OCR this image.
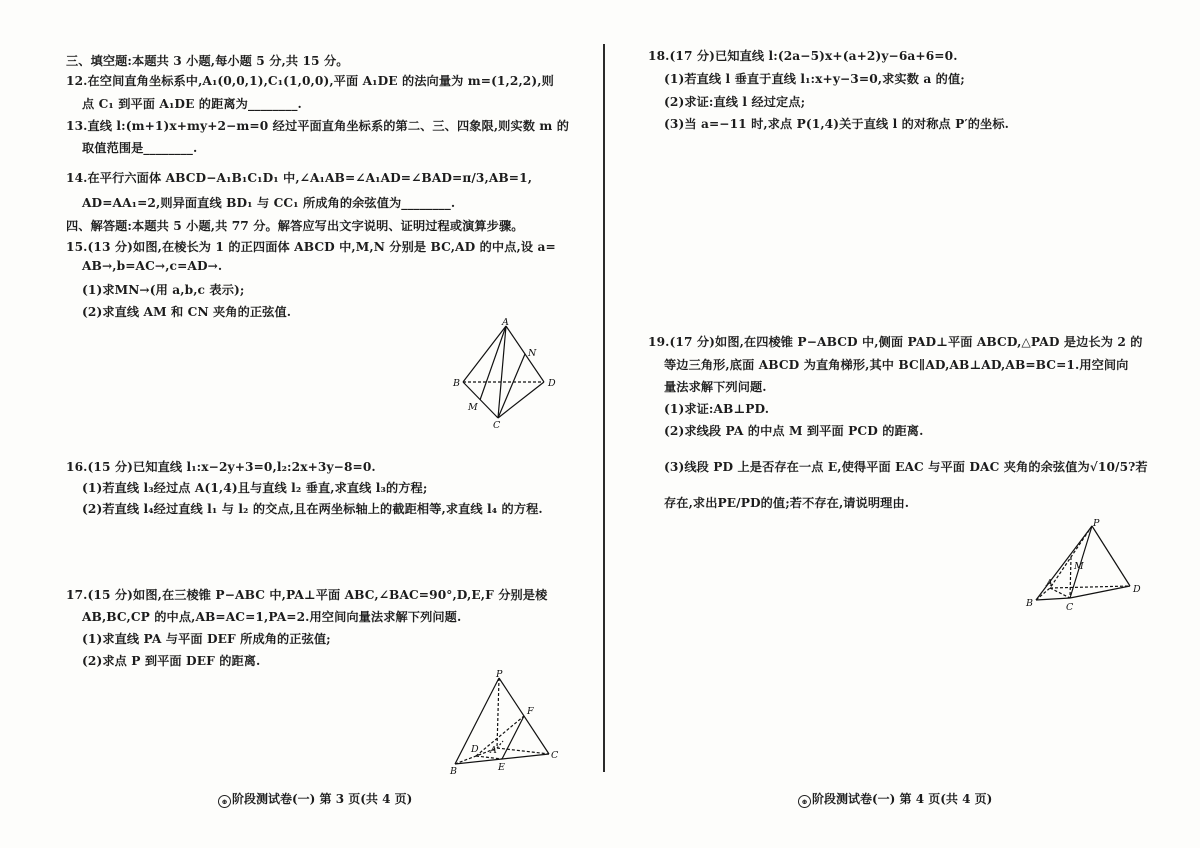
三、填空题:本题共 3 小题,每小题 5 分,共 15 分。
12.在空间直角坐标系中,A₁(0,0,1),C₁(1,0,0),平面 A₁DE 的法向量为 m=(1,2,2),则
点 C₁ 到平面 A₁DE 的距离为________.
13.直线 l:(m+1)x+my+2−m=0 经过平面直角坐标系的第二、三、四象限,则实数 m 的
取值范围是________.
14.在平行六面体 ABCD−A₁B₁C₁D₁ 中,∠A₁AB=∠A₁AD=∠BAD=π/3,AB=1,
AD=AA₁=2,则异面直线 BD₁ 与 CC₁ 所成角的余弦值为________.
四、解答题:本题共 5 小题,共 77 分。解答应写出文字说明、证明过程或演算步骤。
15.(13 分)如图,在棱长为 1 的正四面体 ABCD 中,M,N 分别是 BC,AD 的中点,设 a=
AB→,b=AC→,c=AD→.
(1)求MN→(用 a,b,c 表示);
(2)求直线 AM 和 CN 夹角的正弦值.
A
N
B	D
M
C
16.(15 分)已知直线 l₁:x−2y+3=0,l₂:2x+3y−8=0.
(1)若直线 l₃经过点 A(1,4)且与直线 l₂ 垂直,求直线 l₃的方程;
(2)若直线 l₄经过直线 l₁ 与 l₂ 的交点,且在两坐标轴上的截距相等,求直线 l₄ 的方程.
17.(15 分)如图,在三棱锥 P−ABC 中,PA⊥平面 ABC,∠BAC=90°,D,E,F 分别是棱
AB,BC,CP 的中点,AB=AC=1,PA=2.用空间向量法求解下列问题.
(1)求直线 PA 与平面 DEF 所成角的正弦值;
(2)求点 P 到平面 DEF 的距离.
P
F
D A	C
B	E
⊕ 阶段测试卷(一) 第 3 页(共 4 页)
18.(17 分)已知直线 l:(2a−5)x+(a+2)y−6a+6=0.
(1)若直线 l 垂直于直线 l₁:x+y−3=0,求实数 a 的值;
(2)求证:直线 l 经过定点;
(3)当 a=−11 时,求点 P(1,4)关于直线 l 的对称点 P′的坐标.
19.(17 分)如图,在四棱锥 P−ABCD 中,侧面 PAD⊥平面 ABCD,△PAD 是边长为 2 的
等边三角形,底面 ABCD 为直角梯形,其中 BC∥AD,AB⊥AD,AB=BC=1.用空间向
量法求解下列问题.
(1)求证:AB⊥PD.
(2)求线段 PA 的中点 M 到平面 PCD 的距离.
(3)线段 PD 上是否存在一点 E,使得平面 EAC 与平面 DAC 夹角的余弦值为√10/5?若
存在,求出PE/PD的值;若不存在,请说明理由.
P
M
A
B	C
D
⊕ 阶段测试卷(一) 第 4 页(共 4 页)
